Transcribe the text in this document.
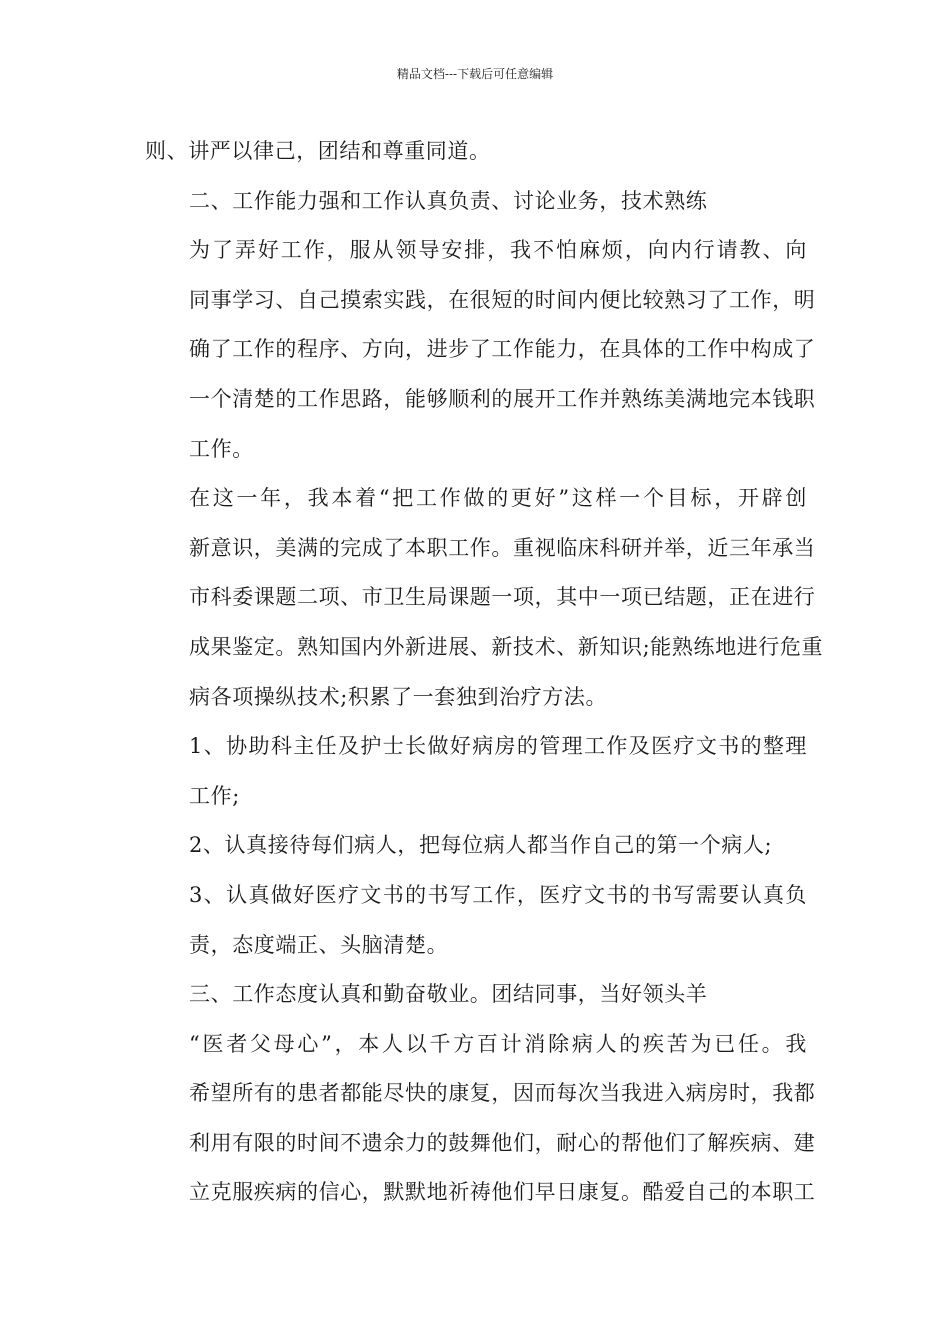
精品文档---下载后可任意编辑

则、讲严以律己，团结和尊重同道。

二、工作能力强和工作认真负责、讨论业务，技术熟练

为了弄好工作，服从领导安排，我不怕麻烦，向内行请教、向
同事学习、自己摸索实践，在很短的时间内便比较熟习了工作，明
确了工作的程序、方向，进步了工作能力，在具体的工作中构成了
一个清楚的工作思路，能够顺利的展开工作并熟练美满地完本钱职
工作。

在这一年，我本着“把工作做的更好”这样一个目标，开辟创
新意识，美满的完成了本职工作。重视临床科研并举，近三年承当
市科委课题二项、市卫生局课题一项，其中一项已结题，正在进行
成果鉴定。熟知国内外新进展、新技术、新知识;能熟练地进行危重
病各项操纵技术;积累了一套独到治疗方法。

1、协助科主任及护士长做好病房的管理工作及医疗文书的整理
工作;

2、认真接待每们病人，把每位病人都当作自己的第一个病人;

3、认真做好医疗文书的书写工作，医疗文书的书写需要认真负
责，态度端正、头脑清楚。

三、工作态度认真和勤奋敬业。团结同事，当好领头羊

“医者父母心”，本人以千方百计消除病人的疾苦为已任。我
希望所有的患者都能尽快的康复，因而每次当我进入病房时，我都
利用有限的时间不遗余力的鼓舞他们，耐心的帮他们了解疾病、建
立克服疾病的信心，默默地祈祷他们早日康复。酷爱自己的本职工
